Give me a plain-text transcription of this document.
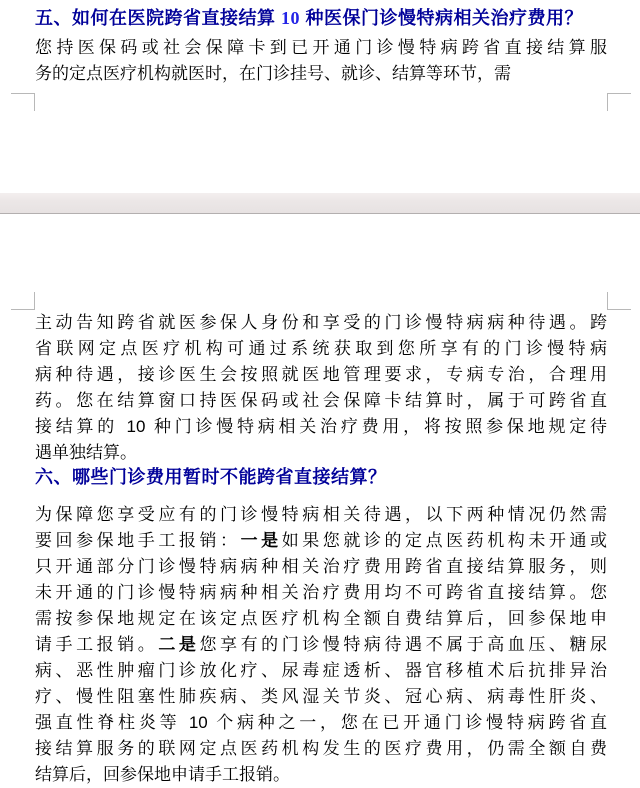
五、如何在医院跨省直接结算 10 种医保门诊慢特病相关治疗费用？
您持医保码或社会保障卡到已开通门诊慢特病跨省直接结算服
务的定点医疗机构就医时，在门诊挂号、就诊、结算等环节，需
主动告知跨省就医参保人身份和享受的门诊慢特病病种待遇。跨
省联网定点医疗机构可通过系统获取到您所享有的门诊慢特病
病种待遇，接诊医生会按照就医地管理要求，专病专治，合理用
药。您在结算窗口持医保码或社会保障卡结算时，属于可跨省直
接结算的 10 种门诊慢特病相关治疗费用，将按照参保地规定待
遇单独结算。
六、哪些门诊费用暂时不能跨省直接结算？
为保障您享受应有的门诊慢特病相关待遇，以下两种情况仍然需
要回参保地手工报销：一是如果您就诊的定点医药机构未开通或
只开通部分门诊慢特病病种相关治疗费用跨省直接结算服务，则
未开通的门诊慢特病病种相关治疗费用均不可跨省直接结算。您
需按参保地规定在该定点医疗机构全额自费结算后，回参保地申
请手工报销。二是您享有的门诊慢特病待遇不属于高血压、糖尿
病、恶性肿瘤门诊放化疗、尿毒症透析、器官移植术后抗排异治
疗、慢性阻塞性肺疾病、类风湿关节炎、冠心病、病毒性肝炎、
强直性脊柱炎等 10 个病种之一，您在已开通门诊慢特病跨省直
接结算服务的联网定点医药机构发生的医疗费用，仍需全额自费
结算后，回参保地申请手工报销。
